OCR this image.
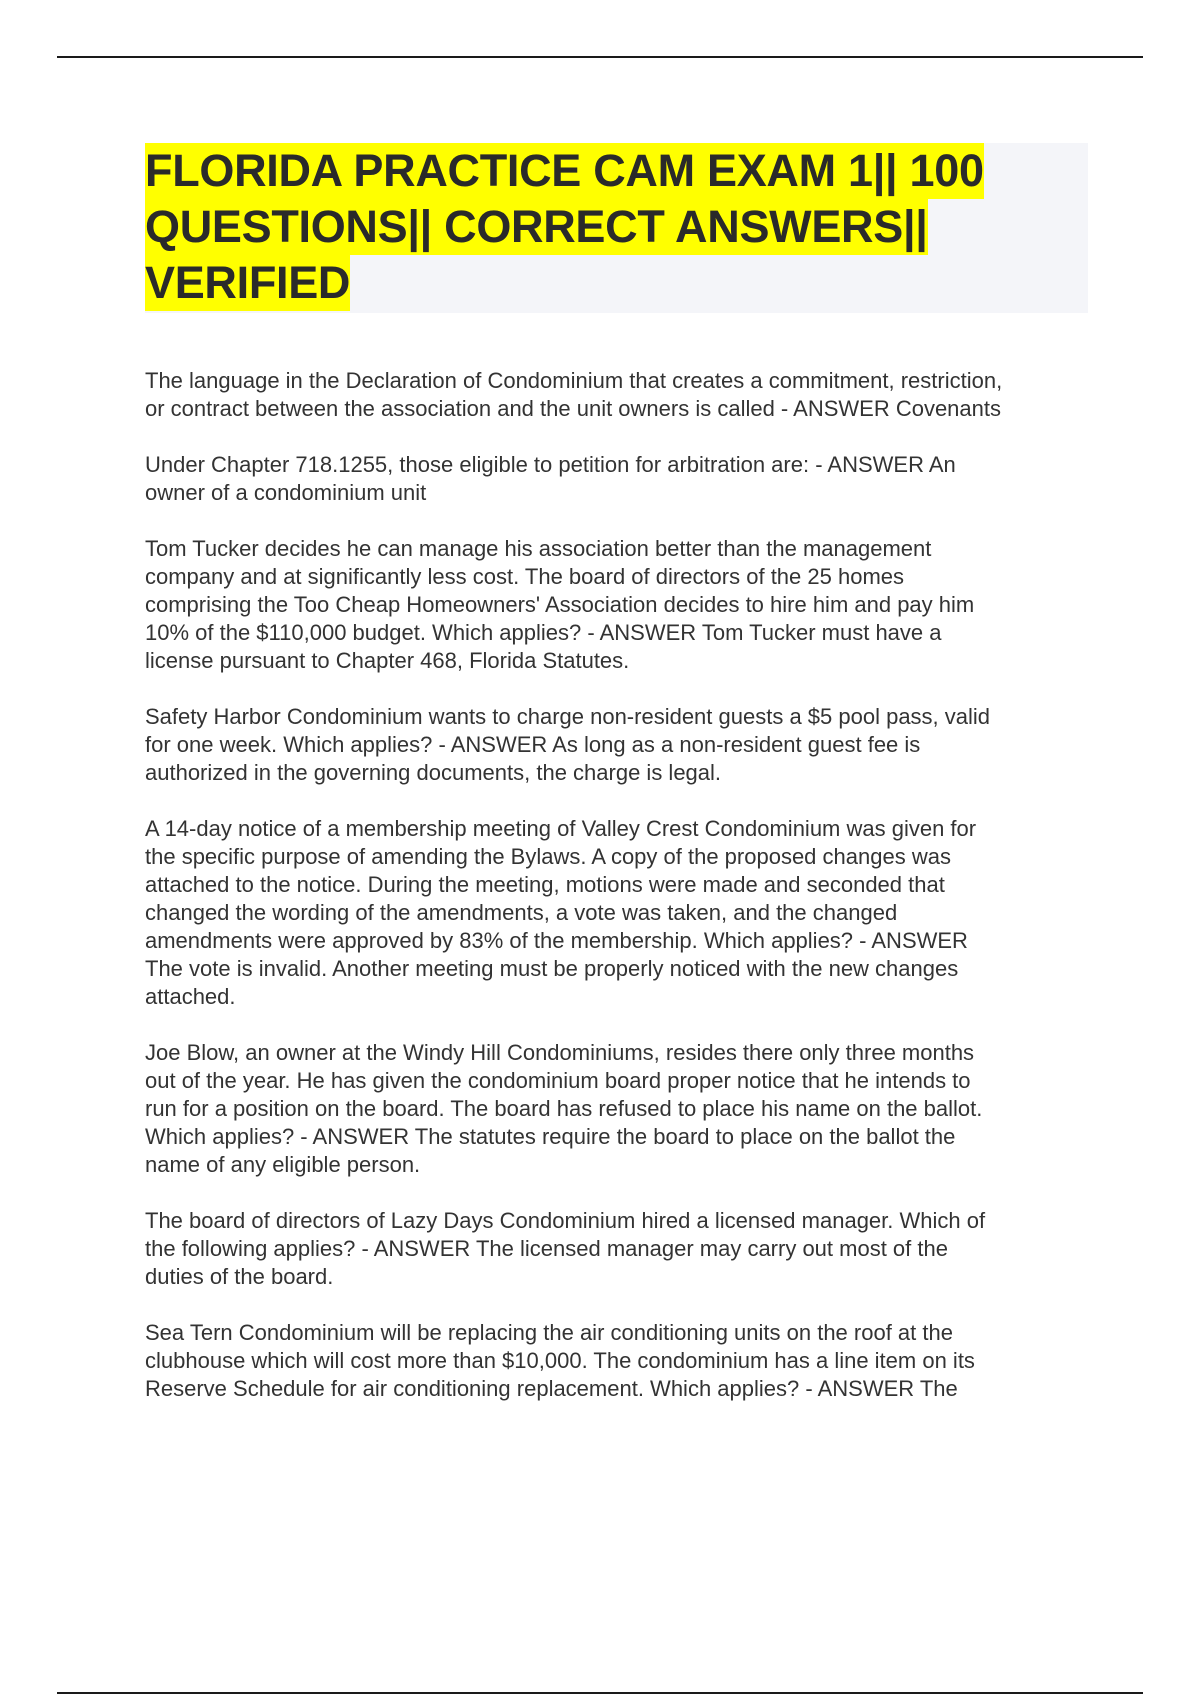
FLORIDA PRACTICE CAM EXAM 1|| 100
QUESTIONS|| CORRECT ANSWERS||
VERIFIED

The language in the Declaration of Condominium that creates a commitment, restriction,
or contract between the association and the unit owners is called - ANSWER Covenants

Under Chapter 718.1255, those eligible to petition for arbitration are: - ANSWER An
owner of a condominium unit

Tom Tucker decides he can manage his association better than the management
company and at significantly less cost. The board of directors of the 25 homes
comprising the Too Cheap Homeowners' Association decides to hire him and pay him
10% of the $110,000 budget. Which applies? - ANSWER Tom Tucker must have a
license pursuant to Chapter 468, Florida Statutes.

Safety Harbor Condominium wants to charge non-resident guests a $5 pool pass, valid
for one week. Which applies? - ANSWER As long as a non-resident guest fee is
authorized in the governing documents, the charge is legal.

A 14-day notice of a membership meeting of Valley Crest Condominium was given for
the specific purpose of amending the Bylaws. A copy of the proposed changes was
attached to the notice. During the meeting, motions were made and seconded that
changed the wording of the amendments, a vote was taken, and the changed
amendments were approved by 83% of the membership. Which applies? - ANSWER
The vote is invalid. Another meeting must be properly noticed with the new changes
attached.

Joe Blow, an owner at the Windy Hill Condominiums, resides there only three months
out of the year. He has given the condominium board proper notice that he intends to
run for a position on the board. The board has refused to place his name on the ballot.
Which applies? - ANSWER The statutes require the board to place on the ballot the
name of any eligible person.

The board of directors of Lazy Days Condominium hired a licensed manager. Which of
the following applies? - ANSWER The licensed manager may carry out most of the
duties of the board.

Sea Tern Condominium will be replacing the air conditioning units on the roof at the
clubhouse which will cost more than $10,000. The condominium has a line item on its
Reserve Schedule for air conditioning replacement. Which applies? - ANSWER The
